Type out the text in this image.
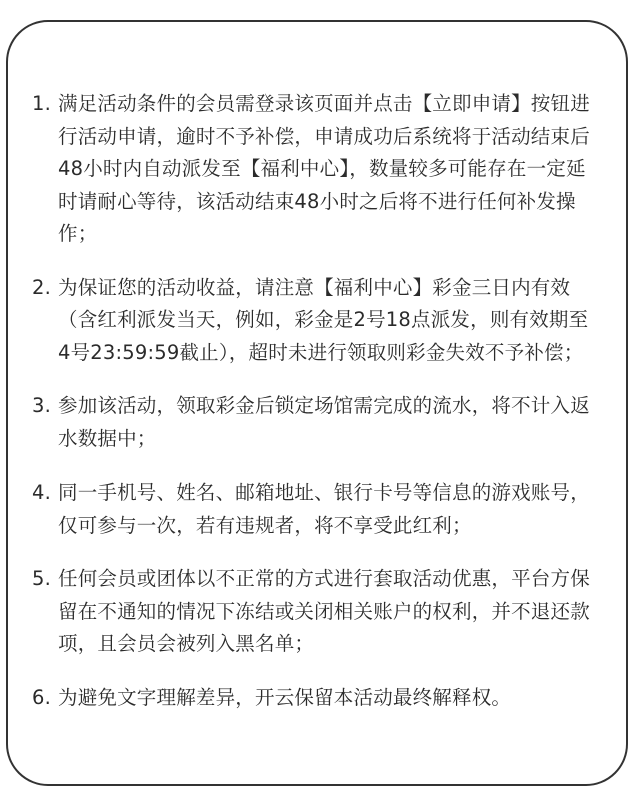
1. 满足活动条件的会员需登录该页面并点击【立即申请】按钮进行活动申请，逾时不予补偿，申请成功后系统将于活动结束后48小时内自动派发至【福利中心】，数量较多可能存在一定延时请耐心等待，该活动结束48小时之后将不进行任何补发操作；
2. 为保证您的活动收益，请注意【福利中心】彩金三日内有效（含红利派发当天，例如，彩金是2号18点派发，则有效期至4号23:59:59截止），超时未进行领取则彩金失效不予补偿；
3. 参加该活动，领取彩金后锁定场馆需完成的流水，将不计入返水数据中；
4. 同一手机号、姓名、邮箱地址、银行卡号等信息的游戏账号，仅可参与一次，若有违规者，将不享受此红利；
5. 任何会员或团体以不正常的方式进行套取活动优惠，平台方保留在不通知的情况下冻结或关闭相关账户的权利，并不退还款项，且会员会被列入黑名单；
6. 为避免文字理解差异，开云保留本活动最终解释权。
